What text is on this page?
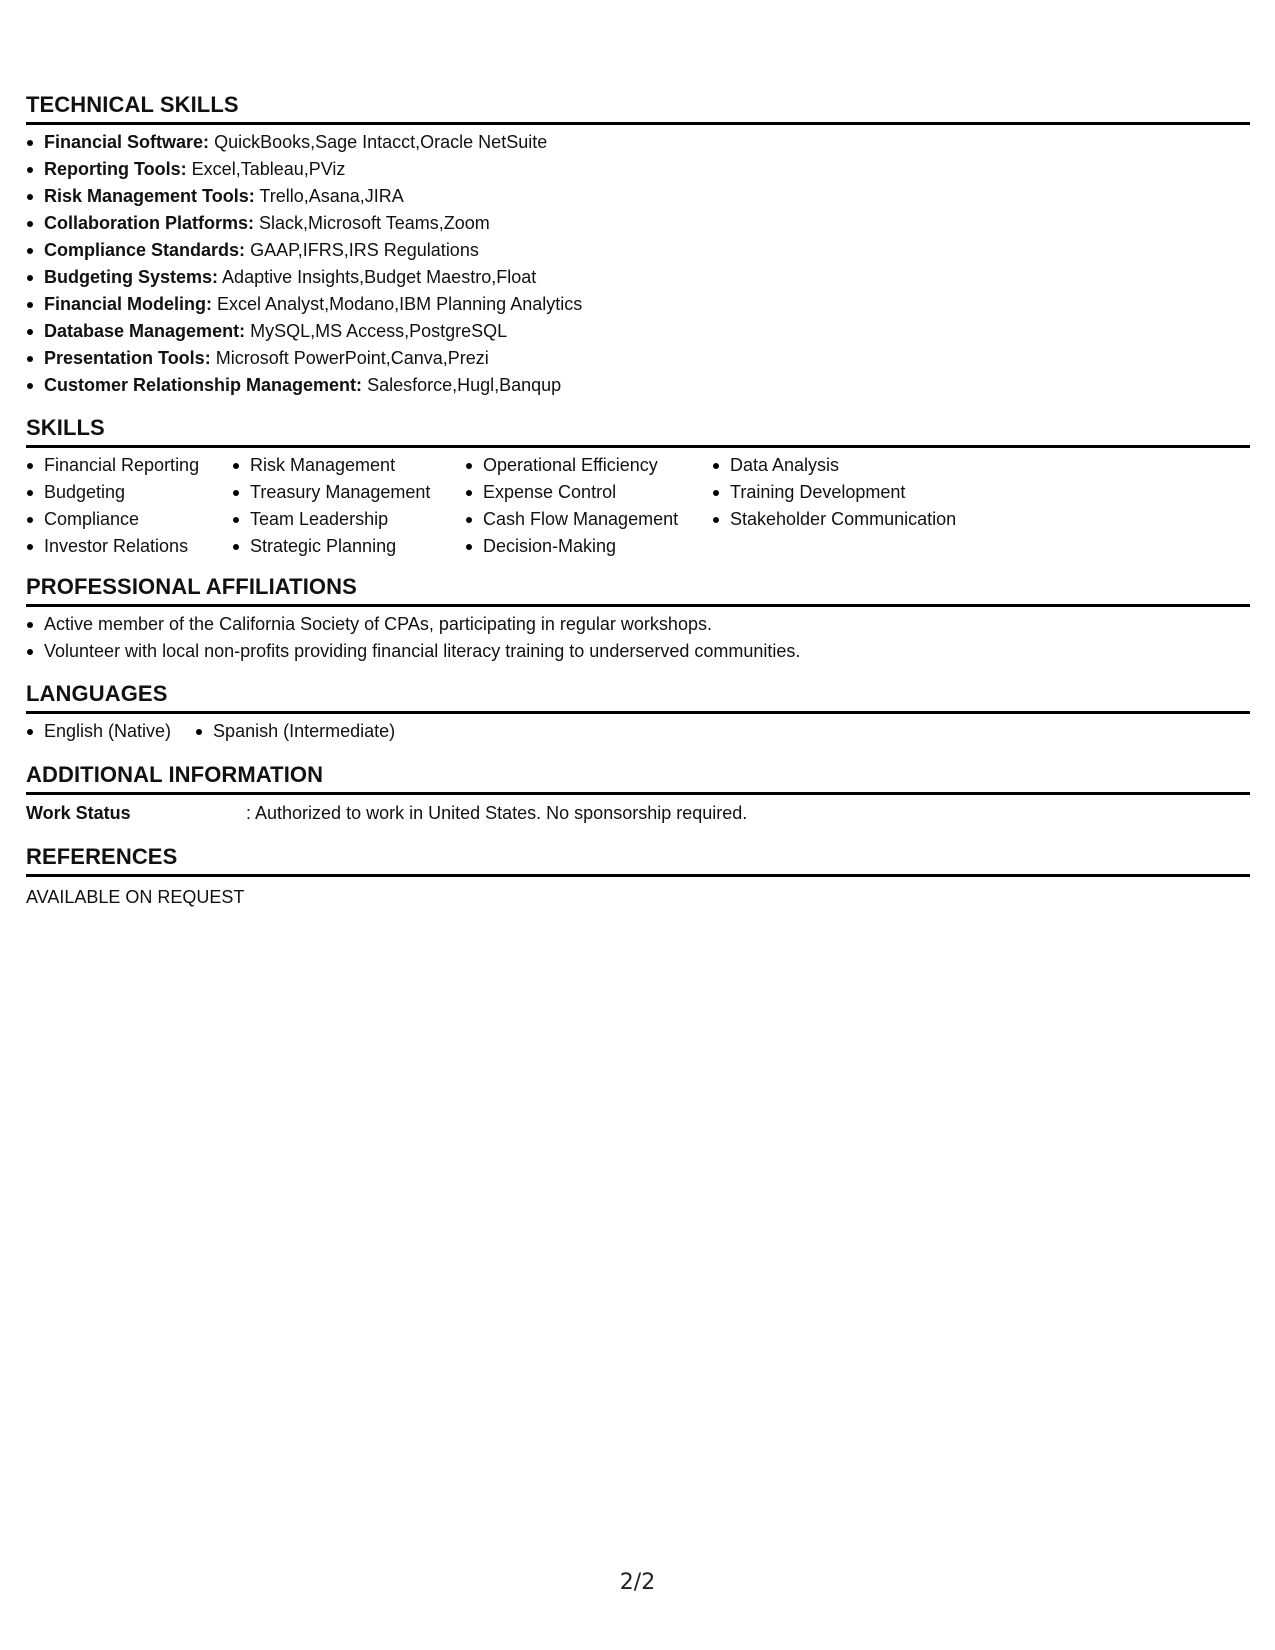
TECHNICAL SKILLS
Financial Software: QuickBooks,Sage Intacct,Oracle NetSuite
Reporting Tools: Excel,Tableau,PViz
Risk Management Tools: Trello,Asana,JIRA
Collaboration Platforms: Slack,Microsoft Teams,Zoom
Compliance Standards: GAAP,IFRS,IRS Regulations
Budgeting Systems: Adaptive Insights,Budget Maestro,Float
Financial Modeling: Excel Analyst,Modano,IBM Planning Analytics
Database Management: MySQL,MS Access,PostgreSQL
Presentation Tools: Microsoft PowerPoint,Canva,Prezi
Customer Relationship Management: Salesforce,Hugl,Banqup
SKILLS
Financial Reporting
Budgeting
Compliance
Investor Relations
Risk Management
Treasury Management
Team Leadership
Strategic Planning
Operational Efficiency
Expense Control
Cash Flow Management
Decision-Making
Data Analysis
Training Development
Stakeholder Communication
PROFESSIONAL AFFILIATIONS
Active member of the California Society of CPAs, participating in regular workshops.
Volunteer with local non-profits providing financial literacy training to underserved communities.
LANGUAGES
English (Native)	Spanish (Intermediate)
ADDITIONAL INFORMATION
Work Status	: Authorized to work in United States. No sponsorship required.
REFERENCES
AVAILABLE ON REQUEST
2/2
